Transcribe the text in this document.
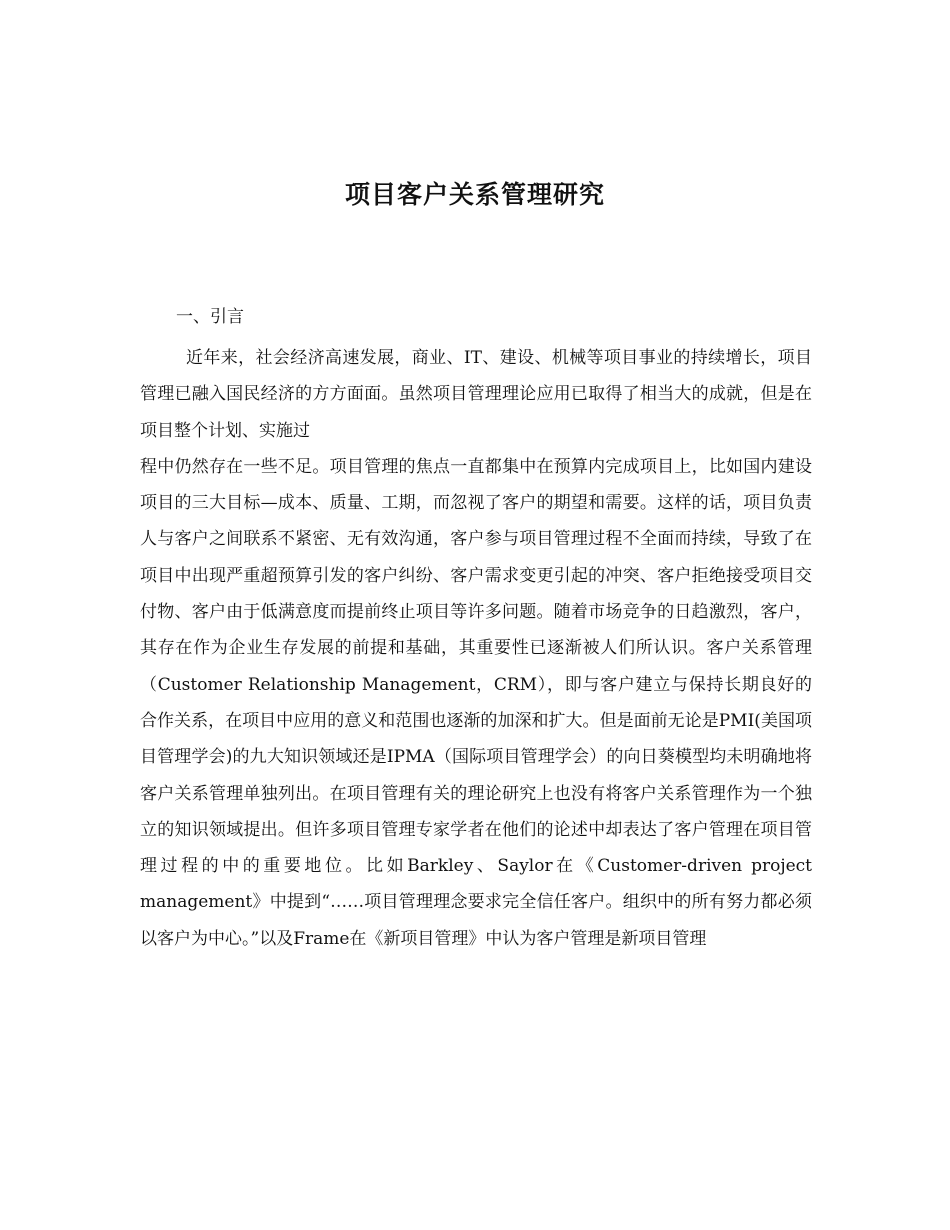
项目客户关系管理研究
一、引言

近年来，社会经济高速发展，商业、IT、建设、机械等项目事业的持续增长，项目管理已融入国民经济的方方面面。虽然项目管理理论应用已取得了相当大的成就，但是在项目整个计划、实施过

程中仍然存在一些不足。项目管理的焦点一直都集中在预算内完成项目上，比如国内建设项目的三大目标—成本、质量、工期，而忽视了客户的期望和需要。这样的话，项目负责人与客户之间联系不紧密、无有效沟通，客户参与项目管理过程不全面而持续，导致了在项目中出现严重超预算引发的客户纠纷、客户需求变更引起的冲突、客户拒绝接受项目交付物、客户由于低满意度而提前终止项目等许多问题。随着市场竞争的日趋激烈，客户，其存在作为企业生存发展的前提和基础，其重要性已逐渐被人们所认识。客户关系管理（Customer Relationship Management，CRM），即与客户建立与保持长期良好的合作关系，在项目中应用的意义和范围也逐渐的加深和扩大。但是面前无论是PMI(美国项目管理学会)的九大知识领域还是IPMA（国际项目管理学会）的向日葵模型均未明确地将客户关系管理单独列出。在项目管理有关的理论研究上也没有将客户关系管理作为一个独立的知识领域提出。但许多项目管理专家学者在他们的论述中却表达了客户管理在项目管理过程的中的重要地位。比如Barkley、Saylor在《Customer-driven project management》中提到“……项目管理理念要求完全信任客户。组织中的所有努力都必须以客户为中心。”以及Frame在《新项目管理》中认为客户管理是新项目管理
